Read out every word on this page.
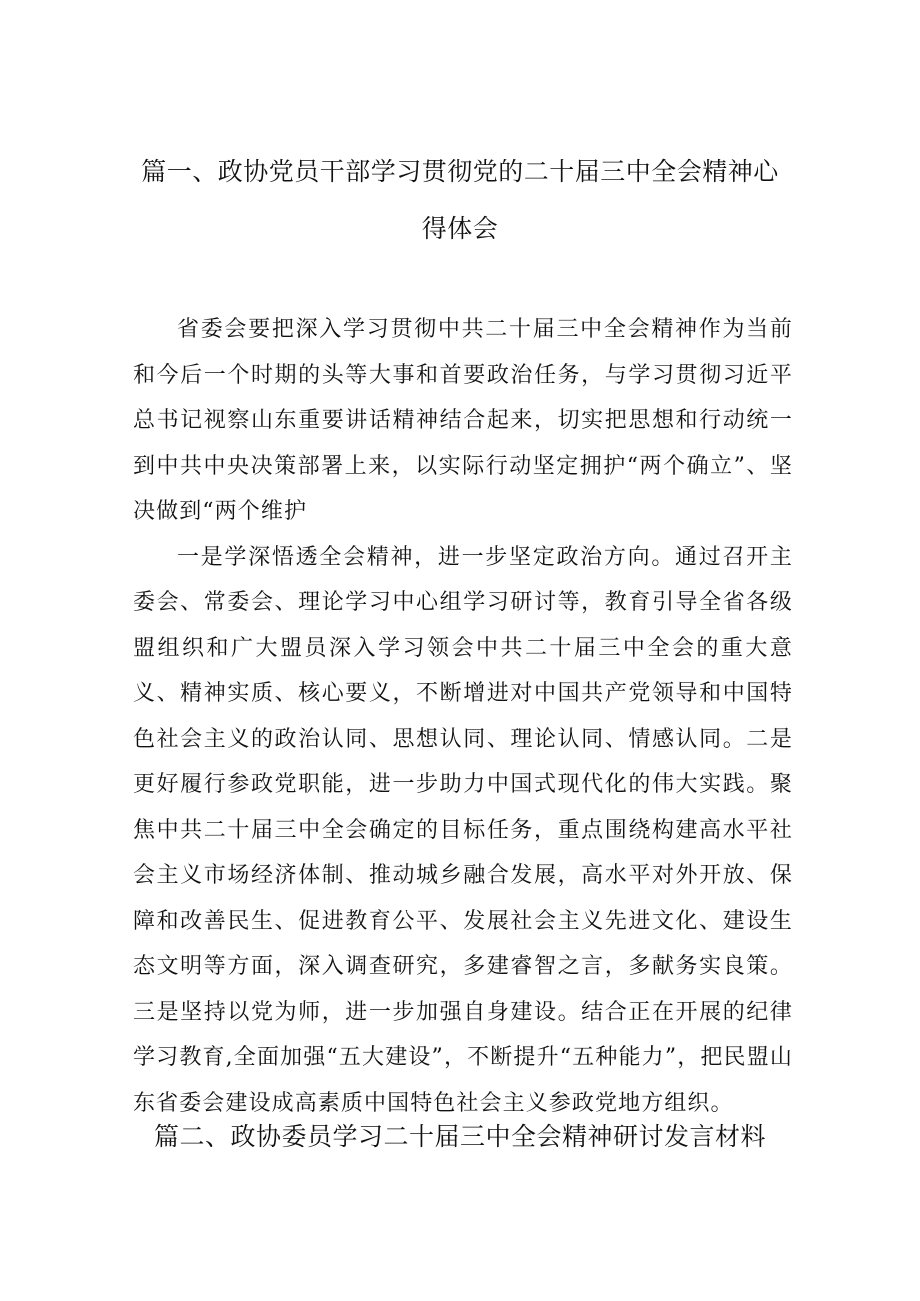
篇一、政协党员干部学习贯彻党的二十届三中全会精神心
得体会

省委会要把深入学习贯彻中共二十届三中全会精神作为当前和今后一个时期的头等大事和首要政治任务，与学习贯彻习近平总书记视察山东重要讲话精神结合起来，切实把思想和行动统一到中共中央决策部署上来，以实际行动坚定拥护“两个确立”、坚决做到“两个维护

一是学深悟透全会精神，进一步坚定政治方向。通过召开主委会、常委会、理论学习中心组学习研讨等，教育引导全省各级盟组织和广大盟员深入学习领会中共二十届三中全会的重大意义、精神实质、核心要义，不断增进对中国共产党领导和中国特色社会主义的政治认同、思想认同、理论认同、情感认同。二是更好履行参政党职能，进一步助力中国式现代化的伟大实践。聚焦中共二十届三中全会确定的目标任务，重点围绕构建高水平社会主义市场经济体制、推动城乡融合发展，高水平对外开放、保障和改善民生、促进教育公平、发展社会主义先进文化、建设生态文明等方面，深入调查研究，多建睿智之言，多献务实良策。三是坚持以党为师，进一步加强自身建设。结合正在开展的纪律学习教育,全面加强“五大建设”，不断提升“五种能力”，把民盟山东省委会建设成高素质中国特色社会主义参政党地方组织。

篇二、政协委员学习二十届三中全会精神研讨发言材料
